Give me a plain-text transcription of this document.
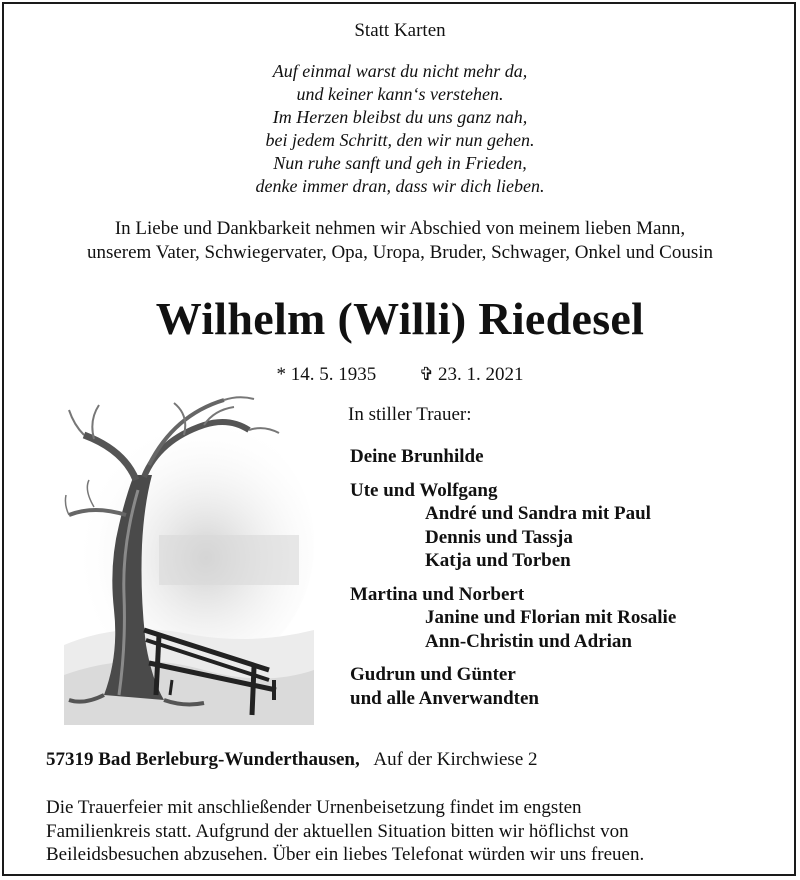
Statt Karten
Auf einmal warst du nicht mehr da,
und keiner kann‘s verstehen.
Im Herzen bleibst du uns ganz nah,
bei jedem Schritt, den wir nun gehen.
Nun ruhe sanft und geh in Frieden,
denke immer dran, dass wir dich lieben.
In Liebe und Dankbarkeit nehmen wir Abschied von meinem lieben Mann,
unserem Vater, Schwiegervater, Opa, Uropa, Bruder, Schwager, Onkel und Cousin
Wilhelm (Willi) Riedesel
* 14. 5. 1935 ✞ 23. 1. 2021
In stiller Trauer:
Deine Brunhilde
Ute und Wolfgang
André und Sandra mit Paul
Dennis und Tassja
Katja und Torben
Martina und Norbert
Janine und Florian mit Rosalie
Ann-Christin und Adrian
Gudrun und Günter
und alle Anverwandten
57319 Bad Berleburg-Wunderthausen, Auf der Kirchwiese 2
Die Trauerfeier mit anschließender Urnenbeisetzung findet im engsten
Familienkreis statt. Aufgrund der aktuellen Situation bitten wir höflichst von
Beileidsbesuchen abzusehen. Über ein liebes Telefonat würden wir uns freuen.
